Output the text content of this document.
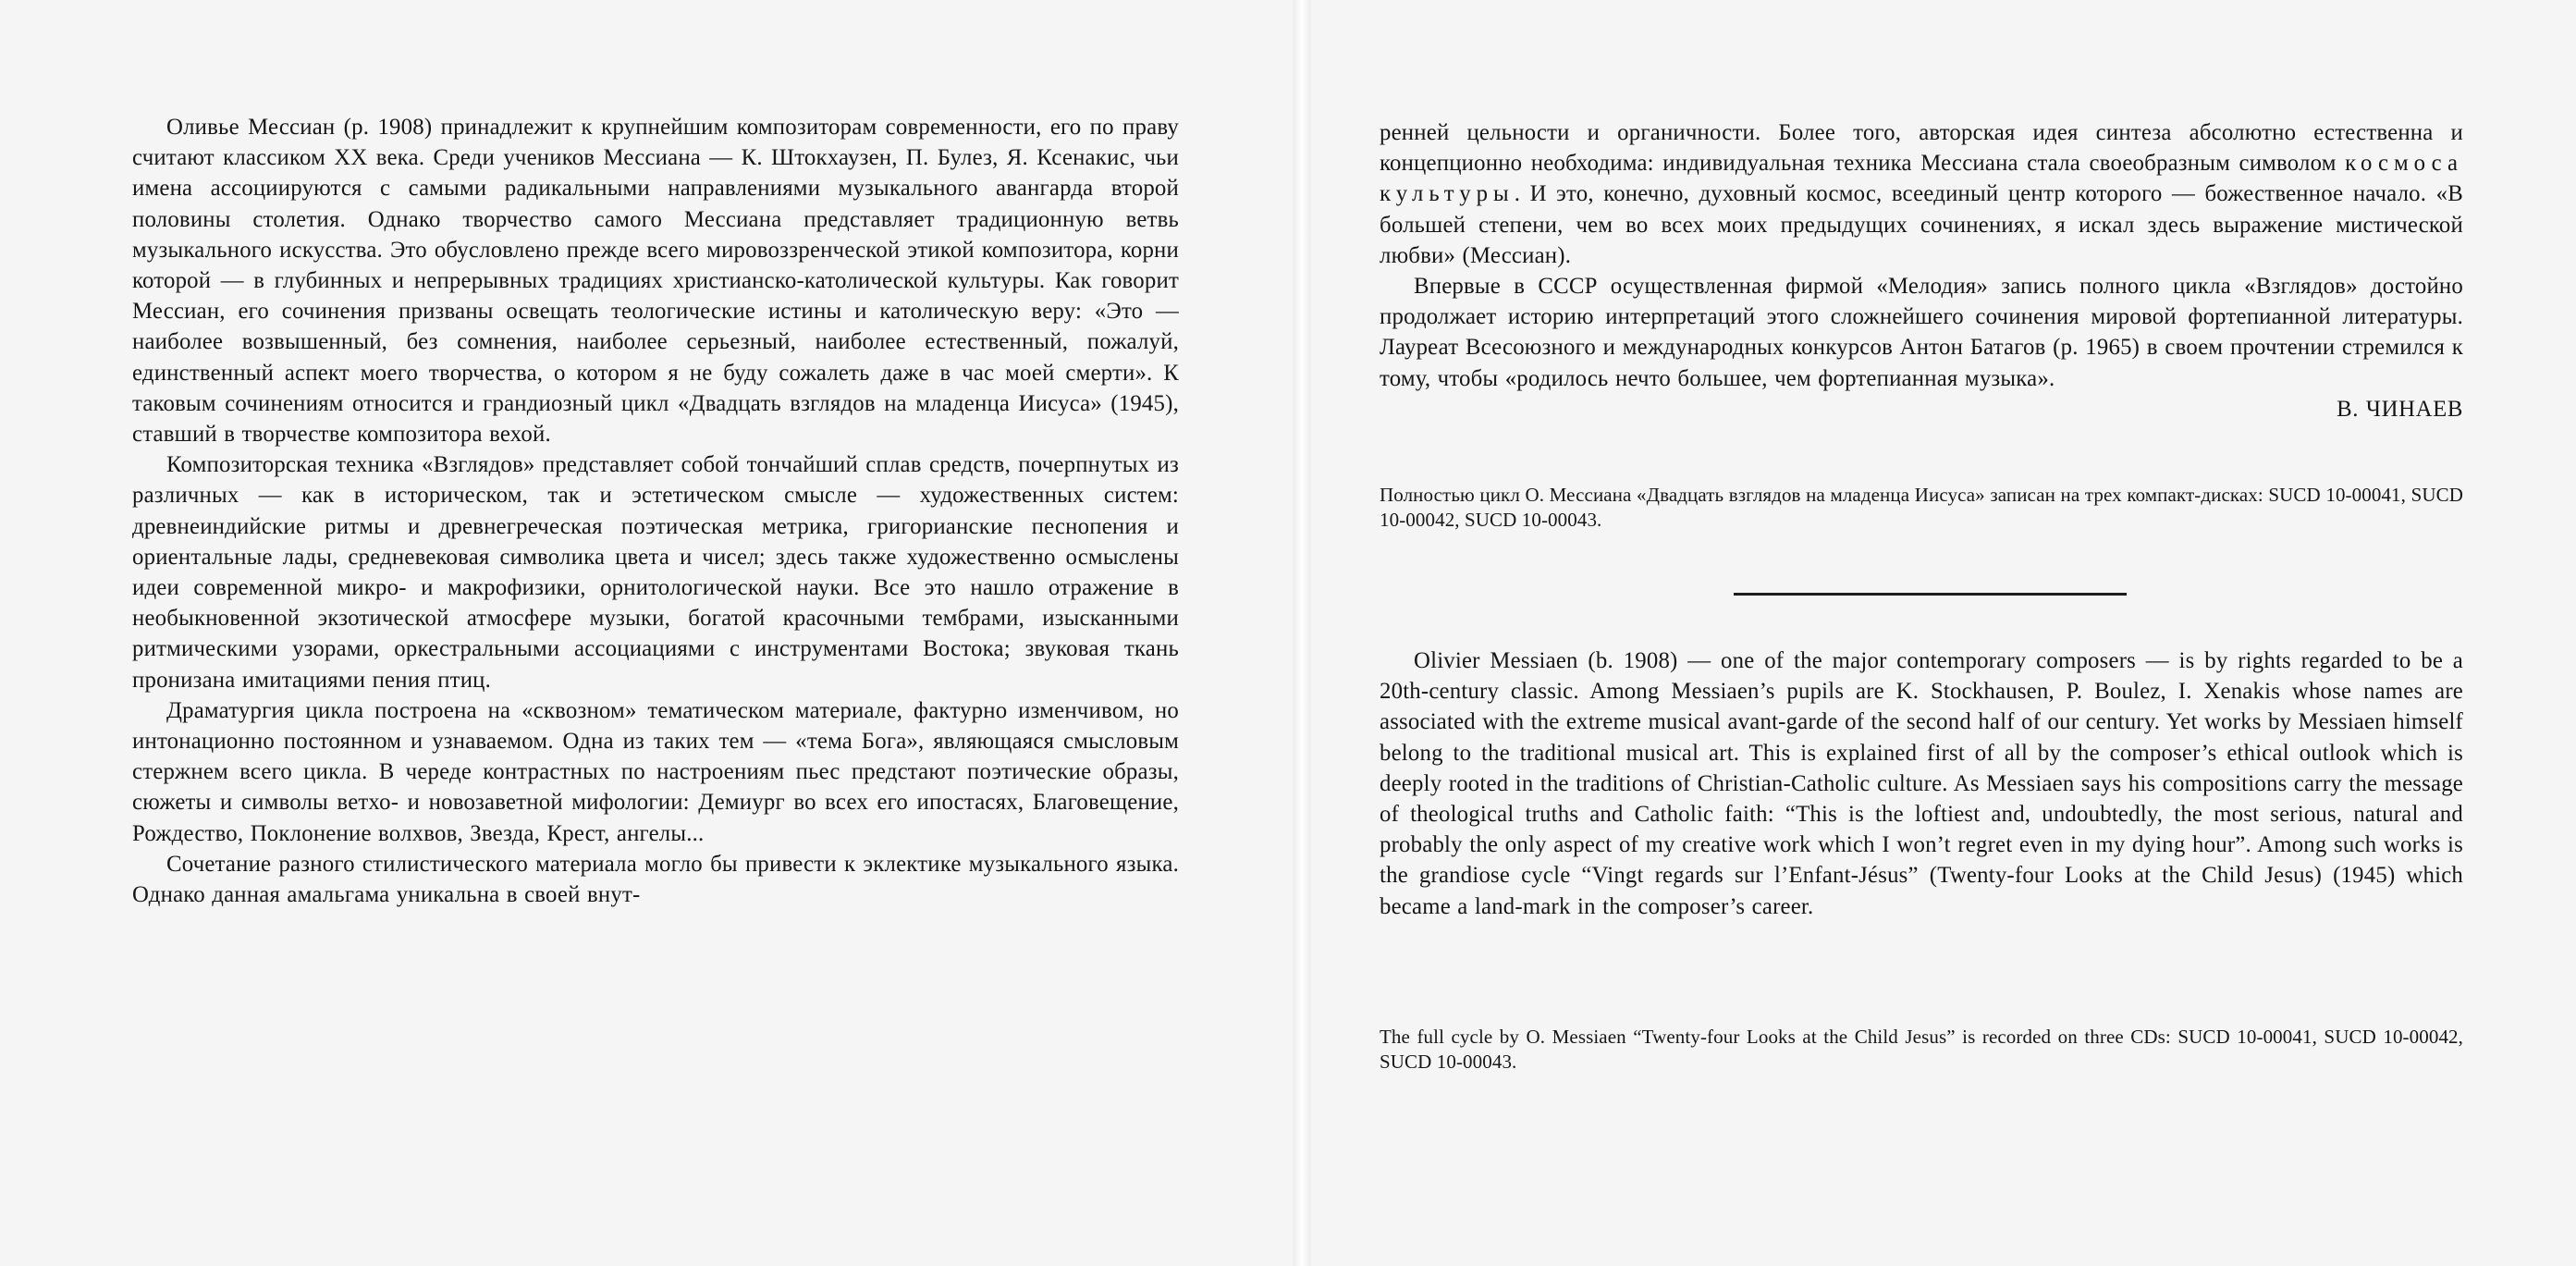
Оливье Мессиан (р. 1908) принадлежит к крупнейшим композиторам современности, его по праву считают классиком XX века. Среди учеников Мессиана — К. Штокхаузен, П. Булез, Я. Ксенакис, чьи имена ассоциируются с самыми радикальными направлениями музыкального авангарда второй половины столетия. Однако творчество самого Мессиана представляет традиционную ветвь музыкального искусства. Это обусловлено прежде всего мировоззренческой этикой композитора, корни которой — в глубинных и непрерывных традициях христианско-католической культуры. Как говорит Мессиан, его сочинения призваны освещать теологические истины и католическую веру: «Это — наиболее возвышенный, без сомнения, наиболее серьезный, наиболее естественный, пожалуй, единственный аспект моего творчества, о котором я не буду сожалеть даже в час моей смерти». К таковым сочинениям относится и грандиозный цикл «Двадцать взглядов на младенца Иисуса» (1945), ставший в творчестве композитора вехой.

Композиторская техника «Взглядов» представляет собой тончайший сплав средств, почерпнутых из различных — как в историческом, так и эстетическом смысле — художественных систем: древнеиндийские ритмы и древнегреческая поэтическая метрика, григорианские песнопения и ориентальные лады, средневековая символика цвета и чисел; здесь также художественно осмыслены идеи современной микро- и макрофизики, орнитологической науки. Все это нашло отражение в необыкновенной экзотической атмосфере музыки, богатой красочными тембрами, изысканными ритмическими узорами, оркестральными ассоциациями с инструментами Востока; звуковая ткань пронизана имитациями пения птиц.

Драматургия цикла построена на «сквозном» тематическом материале, фактурно изменчивом, но интонационно постоянном и узнаваемом. Одна из таких тем — «тема Бога», являющаяся смысловым стержнем всего цикла. В череде контрастных по настроениям пьес предстают поэтические образы, сюжеты и символы ветхо- и новозаветной мифологии: Демиург во всех его ипостасях, Благовещение, Рождество, Поклонение волхвов, Звезда, Крест, ангелы...

Сочетание разного стилистического материала могло бы привести к эклектике музыкального языка. Однако данная амальгама уникальна в своей внут-

ренней цельности и органичности. Более того, авторская идея синтеза абсолютно естественна и концепционно необходима: индивидуальная техника Мессиана стала своеобразным символом космоса культуры. И это, конечно, духовный космос, всеединый центр которого — божественное начало. «В большей степени, чем во всех моих предыдущих сочинениях, я искал здесь выражение мистической любви» (Мессиан).

Впервые в СССР осуществленная фирмой «Мелодия» запись полного цикла «Взглядов» достойно продолжает историю интерпретаций этого сложнейшего сочинения мировой фортепианной литературы. Лауреат Всесоюзного и международных конкурсов Антон Батагов (р. 1965) в своем прочтении стремился к тому, чтобы «родилось нечто большее, чем фортепианная музыка».

В. ЧИНАЕВ

Полностью цикл О. Мессиана «Двадцать взглядов на младенца Иисуса» записан на трех компакт-дисках: SUCD 10-00041, SUCD 10-00042, SUCD 10-00043.

Olivier Messiaen (b. 1908) — one of the major contemporary composers — is by rights regarded to be a 20th-century classic. Among Messiaen’s pupils are K. Stockhausen, P. Boulez, I. Xenakis whose names are associated with the extreme musical avant-garde of the second half of our century. Yet works by Messiaen himself belong to the traditional musical art. This is explained first of all by the composer’s ethical outlook which is deeply rooted in the traditions of Christian-Catholic culture. As Messiaen says his compositions carry the message of theological truths and Catholic faith: “This is the loftiest and, undoubtedly, the most serious, natural and probably the only aspect of my creative work which I won’t regret even in my dying hour”. Among such works is the grandiose cycle “Vingt regards sur l’Enfant-Jésus” (Twenty-four Looks at the Child Jesus) (1945) which became a land-mark in the composer’s career.

The full cycle by O. Messiaen “Twenty-four Looks at the Child Jesus” is recorded on three CDs: SUCD 10-00041, SUCD 10-00042, SUCD 10-00043.
